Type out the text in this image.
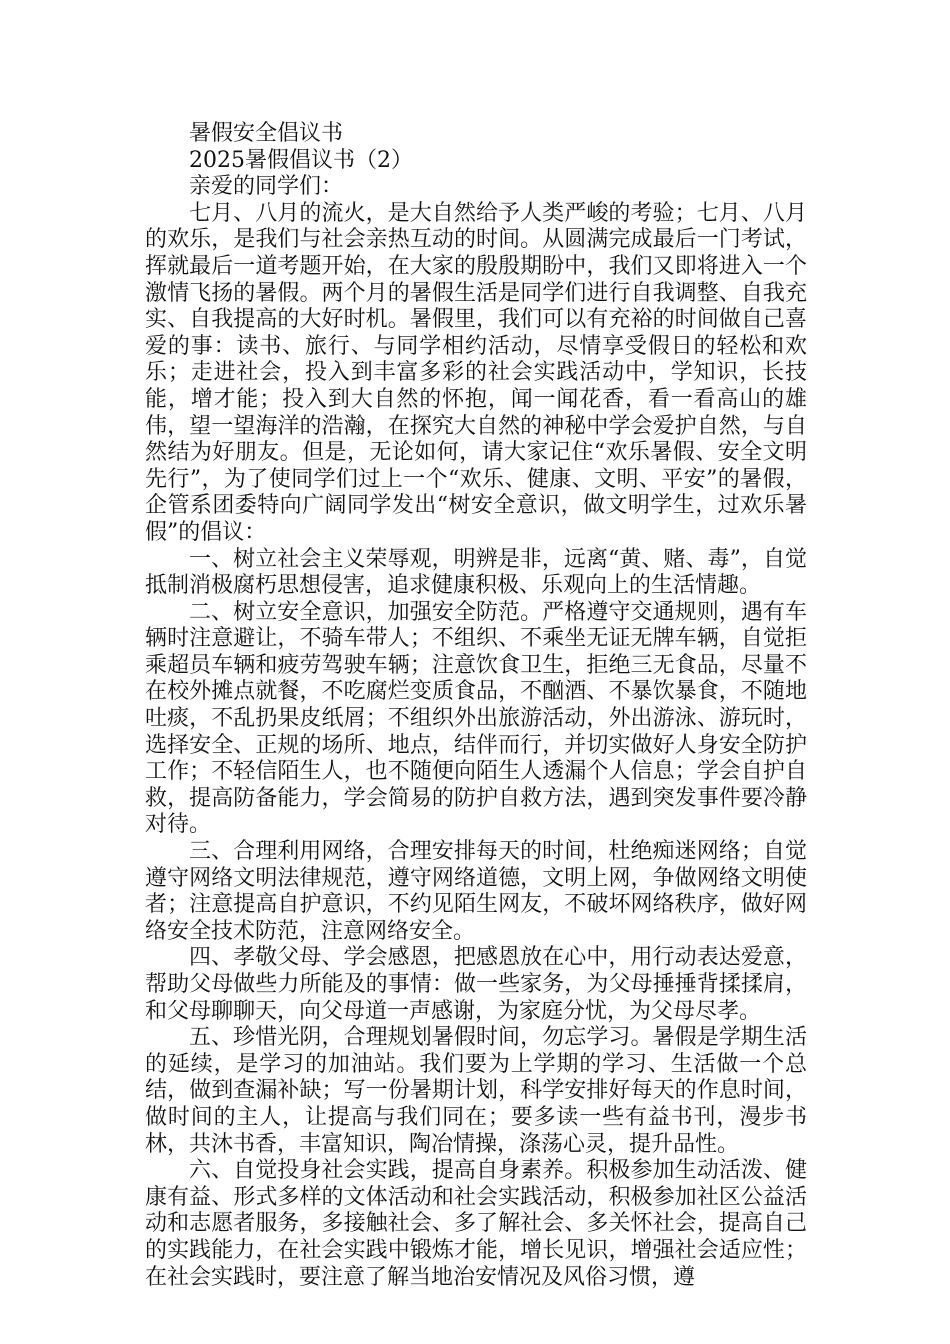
暑假安全倡议书

2025暑假倡议书（2）

亲爱的同学们：

七月、八月的流火，是大自然给予人类严峻的考验；七月、八月的欢乐，是我们与社会亲热互动的时间。从圆满完成最后一门考试，挥就最后一道考题开始，在大家的殷殷期盼中，我们又即将进入一个激情飞扬的暑假。两个月的暑假生活是同学们进行自我调整、自我充实、自我提高的大好时机。暑假里，我们可以有充裕的时间做自己喜爱的事：读书、旅行、与同学相约活动，尽情享受假日的轻松和欢乐；走进社会，投入到丰富多彩的社会实践活动中，学知识，长技能，增才能；投入到大自然的怀抱，闻一闻花香，看一看高山的雄伟，望一望海洋的浩瀚，在探究大自然的神秘中学会爱护自然，与自然结为好朋友。但是，无论如何，请大家记住“欢乐暑假、安全文明先行”，为了使同学们过上一个“欢乐、健康、文明、平安”的暑假，企管系团委特向广阔同学发出“树安全意识，做文明学生，过欢乐暑假”的倡议：

一、树立社会主义荣辱观，明辨是非，远离“黄、赌、毒”，自觉抵制消极腐朽思想侵害，追求健康积极、乐观向上的生活情趣。

二、树立安全意识，加强安全防范。严格遵守交通规则，遇有车辆时注意避让，不骑车带人；不组织、不乘坐无证无牌车辆，自觉拒乘超员车辆和疲劳驾驶车辆；注意饮食卫生，拒绝三无食品，尽量不在校外摊点就餐，不吃腐烂变质食品，不酗酒、不暴饮暴食，不随地吐痰，不乱扔果皮纸屑；不组织外出旅游活动，外出游泳、游玩时，选择安全、正规的场所、地点，结伴而行，并切实做好人身安全防护工作；不轻信陌生人，也不随便向陌生人透漏个人信息；学会自护自救，提高防备能力，学会简易的防护自救方法，遇到突发事件要冷静对待。

三、合理利用网络，合理安排每天的时间，杜绝痴迷网络；自觉遵守网络文明法律规范，遵守网络道德，文明上网，争做网络文明使者；注意提高自护意识，不约见陌生网友，不破坏网络秩序，做好网络安全技术防范，注意网络安全。

四、孝敬父母、学会感恩，把感恩放在心中，用行动表达爱意，帮助父母做些力所能及的事情：做一些家务，为父母捶捶背揉揉肩，和父母聊聊天，向父母道一声感谢，为家庭分忧，为父母尽孝。

五、珍惜光阴，合理规划暑假时间，勿忘学习。暑假是学期生活的延续，是学习的加油站。我们要为上学期的学习、生活做一个总结，做到查漏补缺；写一份暑期计划，科学安排好每天的作息时间，做时间的主人，让提高与我们同在；要多读一些有益书刊，漫步书林，共沐书香，丰富知识，陶冶情操，涤荡心灵，提升品性。

六、自觉投身社会实践，提高自身素养。积极参加生动活泼、健康有益、形式多样的文体活动和社会实践活动，积极参加社区公益活动和志愿者服务，多接触社会、多了解社会、多关怀社会，提高自己的实践能力，在社会实践中锻炼才能，增长见识，增强社会适应性；在社会实践时，要注意了解当地治安情况及风俗习惯，遵
